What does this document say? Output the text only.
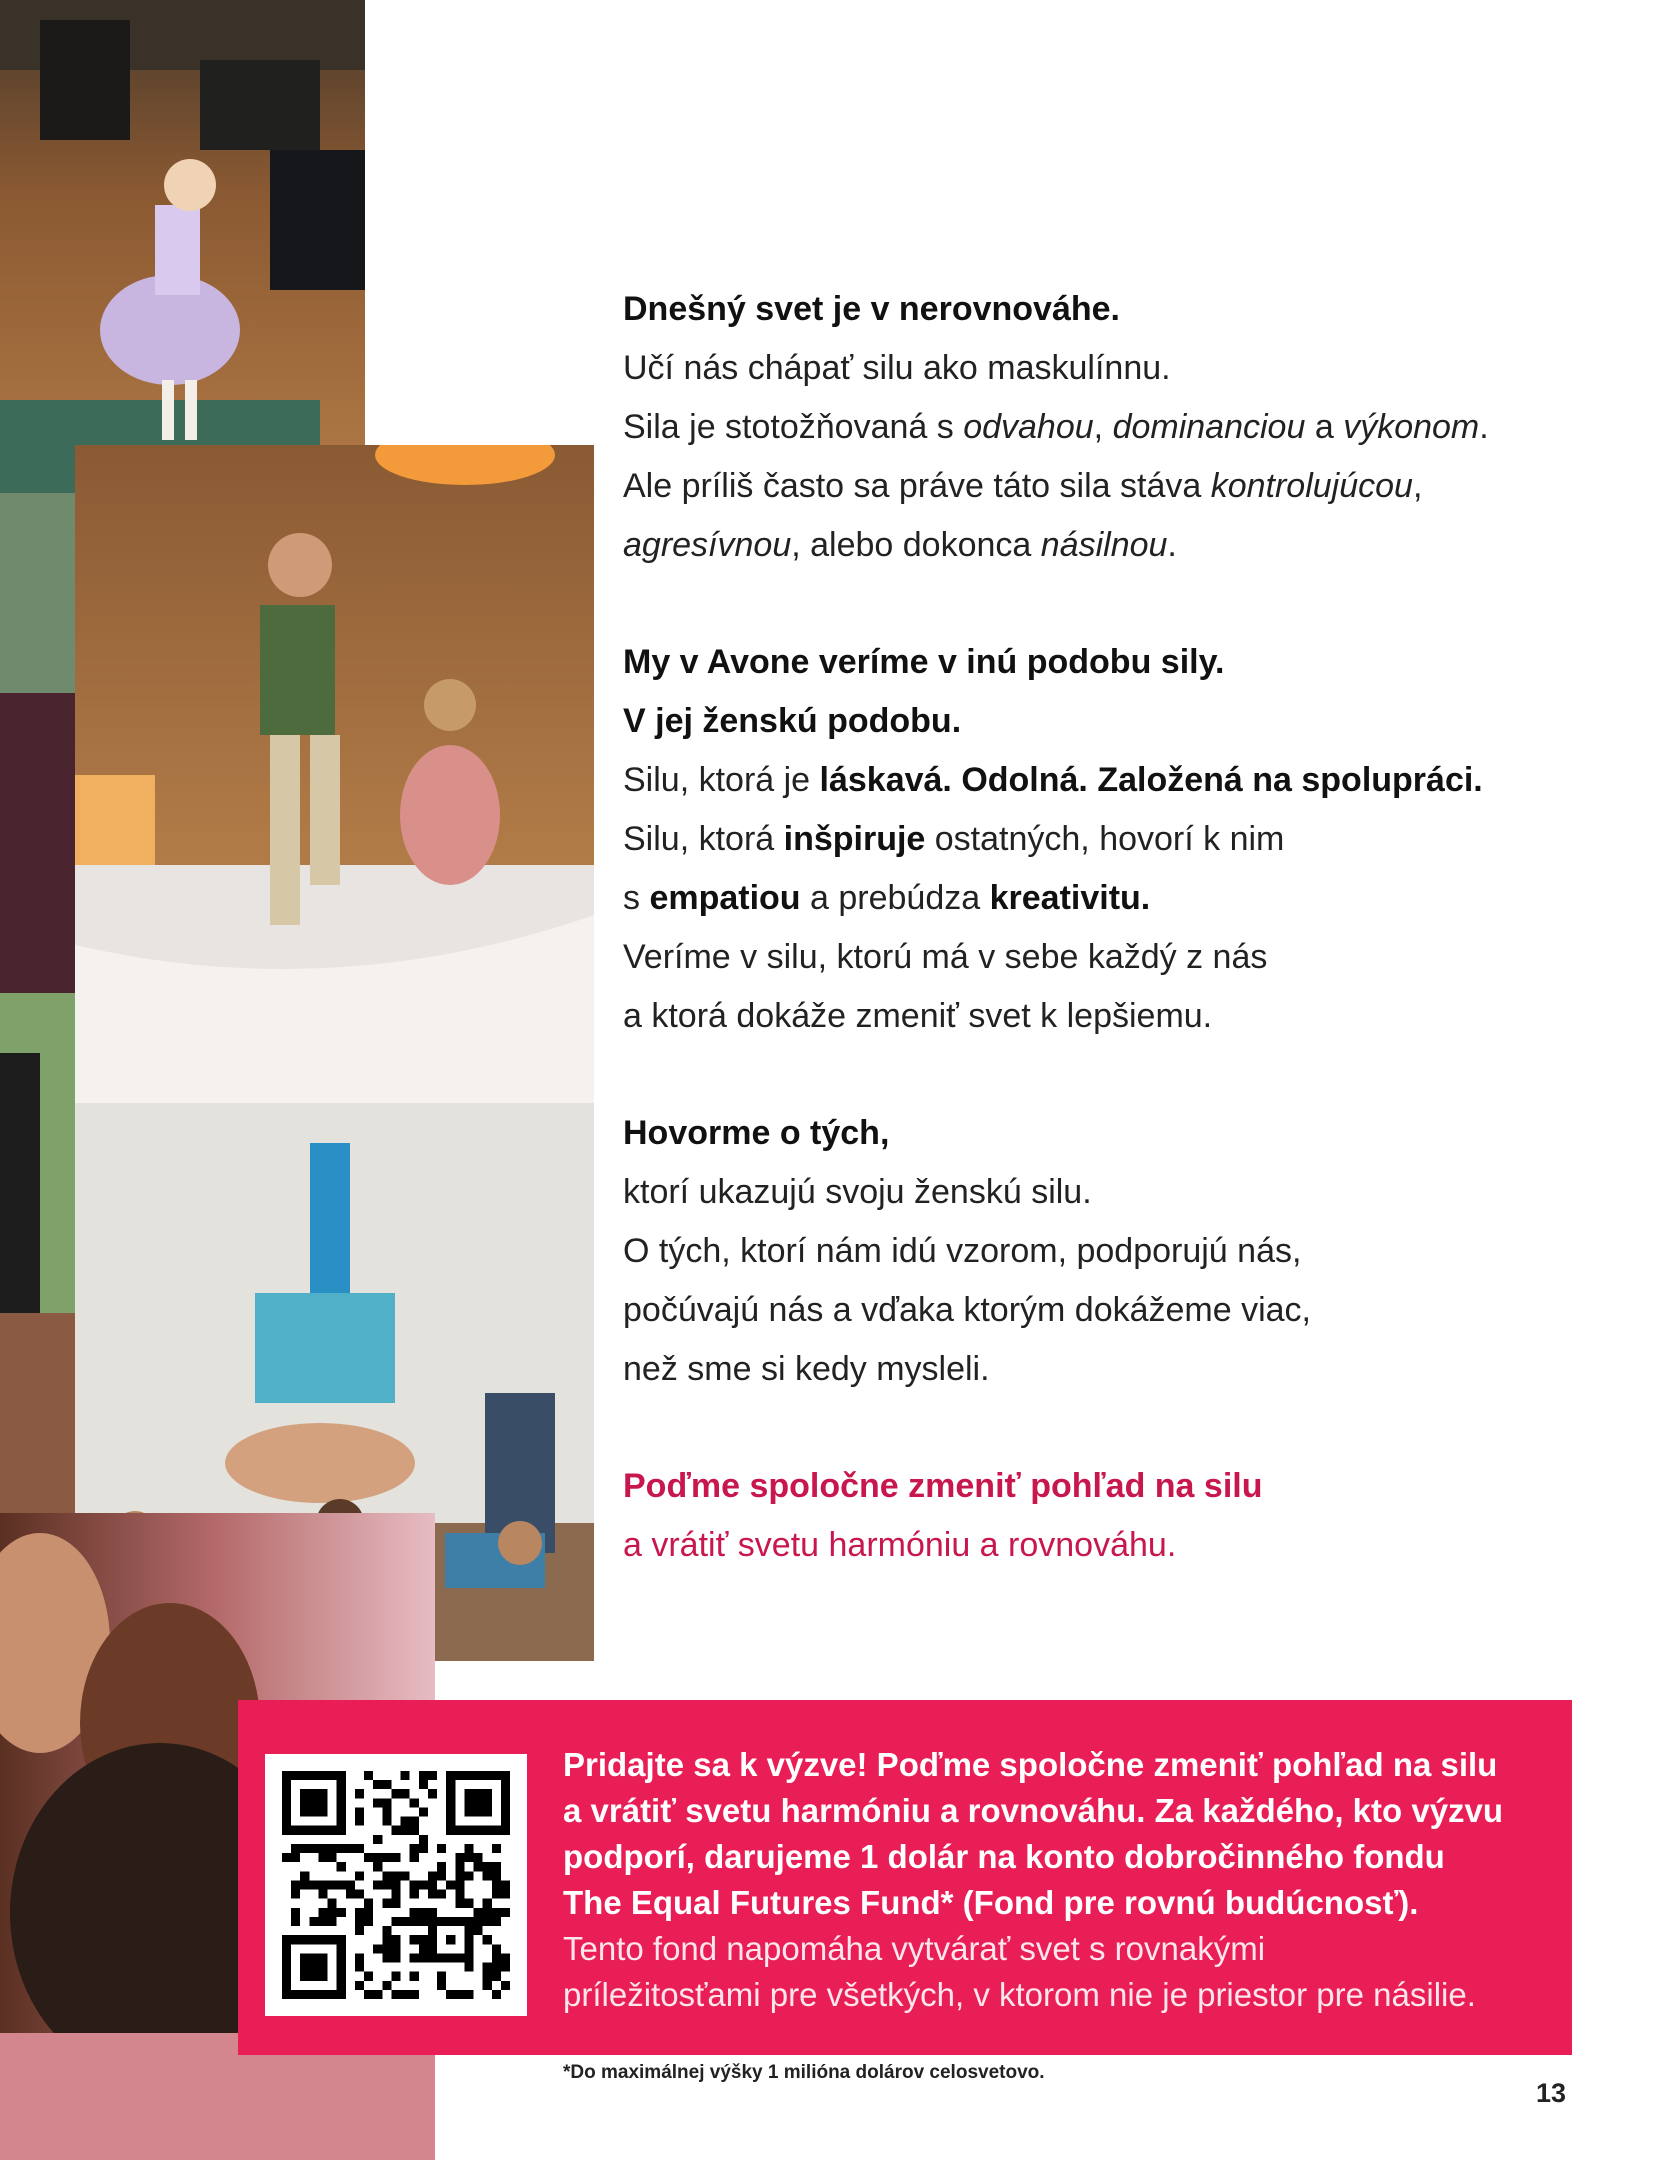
Dnešný svet je v nerovnováhe.
Učí nás chápať silu ako maskulínnu.
Sila je stotožňovaná s odvahou, dominanciou a výkonom.
Ale príliš často sa práve táto sila stáva kontrolujúcou,
agresívnou, alebo dokonca násilnou.
My v Avone veríme v inú podobu sily.
V jej ženskú podobu.
Silu, ktorá je láskavá. Odolná. Založená na spolupráci.
Silu, ktorá inšpiruje ostatných, hovorí k nim
s empatiou a prebúdza kreativitu.
Veríme v silu, ktorú má v sebe každý z nás
a ktorá dokáže zmeniť svet k lepšiemu.
Hovorme o tých,
ktorí ukazujú svoju ženskú silu.
O tých, ktorí nám idú vzorom, podporujú nás,
počúvajú nás a vďaka ktorým dokážeme viac,
než sme si kedy mysleli.
Poďme spoločne zmeniť pohľad na silu
a vrátiť svetu harmóniu a rovnováhu.
Pridajte sa k výzve! Poďme spoločne zmeniť pohľad na silu
a vrátiť svetu harmóniu a rovnováhu. Za každého, kto výzvu
podporí, darujeme 1 dolár na konto dobročinného fondu
The Equal Futures Fund* (Fond pre rovnú budúcnosť).
Tento fond napomáha vytvárať svet s rovnakými
príležitosťami pre všetkých, v ktorom nie je priestor pre násilie.
*Do maximálnej výšky 1 milióna dolárov celosvetovo.
13
